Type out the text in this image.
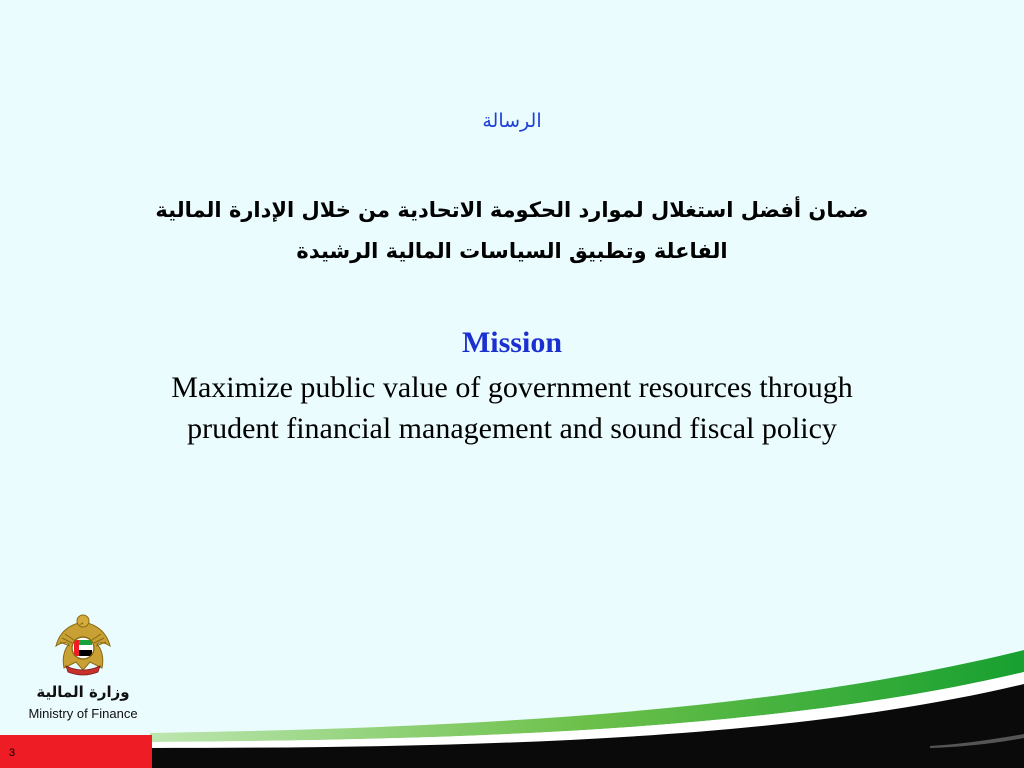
الرسالة
ضمان أفضل استغلال لموارد الحكومة الاتحادية من خلال الإدارة المالية
الفاعلة وتطبيق السياسات المالية الرشيدة
Mission
Maximize public value of government resources through
prudent financial management and sound fiscal policy
وزارة المالية
Ministry of Finance
3
